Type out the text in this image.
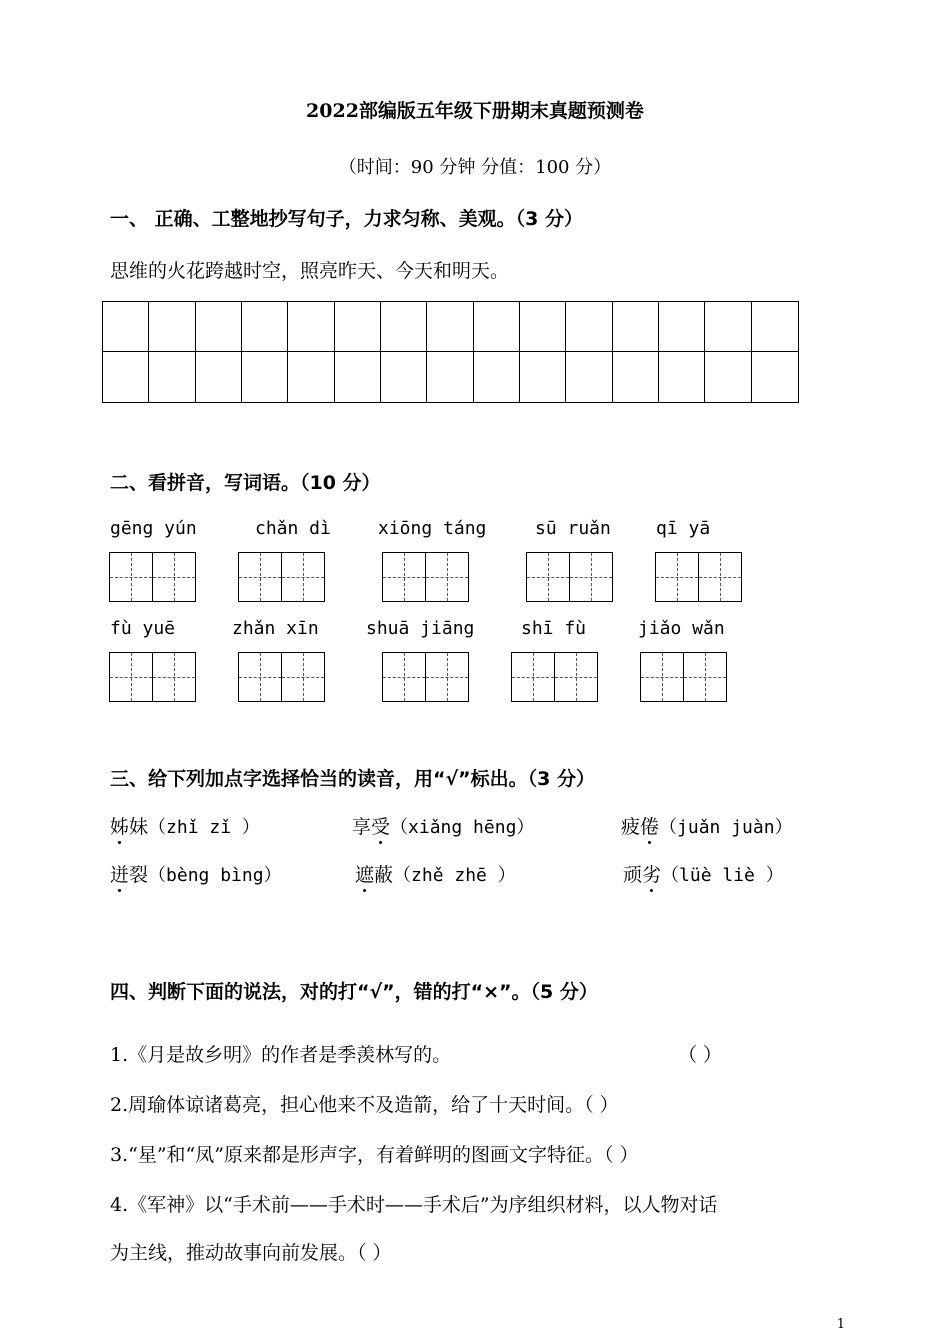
2022部编版五年级下册期末真题预测卷
（时间：90 分钟 分值：100 分）
一、 正确、工整地抄写句子，力求匀称、美观。（3 分）
思维的火花跨越时空，照亮昨天、今天和明天。
二、看拼音，写词语。（10 分）
gēng yún	chǎn dì	xiōng táng	sū ruǎn	qī yā
fù yuē	zhǎn xīn	shuā jiāng	shī fù	jiǎo wǎn
三、给下列加点字选择恰当的读音，用“√”标出。（3 分）
姊妹（zhǐ zǐ ）	享受（xiǎng hēng）	疲倦（juǎn juàn）
迸裂（bèng bìng）	遮蔽（zhě zhē ）	顽劣（lüè liè ）
四、判断下面的说法，对的打“√”，错的打“×”。（5 分）
1.《月是故乡明》的作者是季羡林写的。	（ ）
2.周瑜体谅诸葛亮，担心他来不及造箭，给了十天时间。（ ）
3.“星”和“凤”原来都是形声字，有着鲜明的图画文字特征。（ ）
4.《军神》以“手术前——手术时——手术后”为序组织材料，以人物对话
为主线，推动故事向前发展。（ ）
1
